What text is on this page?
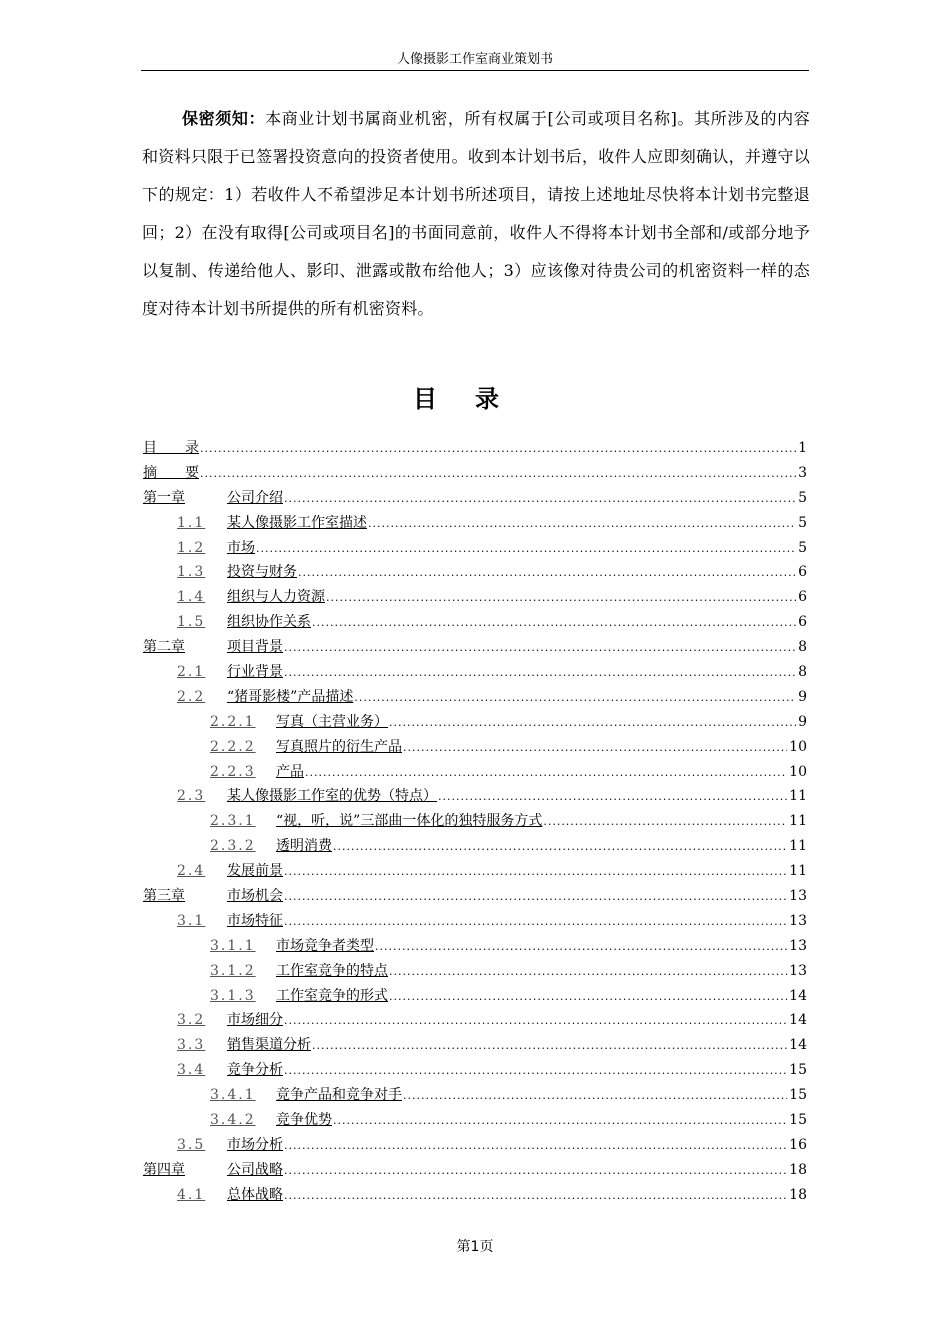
人像摄影工作室商业策划书
保密须知：本商业计划书属商业机密，所有权属于[公司或项目名称]。其所涉及的内容和资料只限于已签署投资意向的投资者使用。收到本计划书后，收件人应即刻确认，并遵守以下的规定：1）若收件人不希望涉足本计划书所述项目，请按上述地址尽快将本计划书完整退回；2）在没有取得[公司或项目名]的书面同意前，收件人不得将本计划书全部和/或部分地予以复制、传递给他人、影印、泄露或散布给他人；3）应该像对待贵公司的机密资料一样的态度对待本计划书所提供的所有机密资料。
目录
目　　录 .....	1
摘　　要 .....	3
第一章	公司介绍 .....	5
1.1	某人像摄影工作室描述 .....	5
1.2	市场 .....	5
1.3	投资与财务 .....	6
1.4	组织与人力资源 .....	6
1.5	组织协作关系 .....	6
第二章	项目背景 .....	8
2.1	行业背景 .....	8
2.2	“猪哥影楼”产品描述 .....	9
2.2.1	写真（主营业务） .....	9
2.2.2	写真照片的衍生产品 .....	10
2.2.3	产品 .....	10
2.3	某人像摄影工作室的优势（特点） .....	11
2.3.1	“视，听，说”三部曲一体化的独特服务方式 .....	11
2.3.2	透明消费 .....	11
2.4	发展前景 .....	11
第三章	市场机会 .....	13
3.1	市场特征 .....	13
3.1.1	市场竞争者类型 .....	13
3.1.2	工作室竞争的特点 .....	13
3.1.3	工作室竞争的形式 .....	14
3.2	市场细分 .....	14
3.3	销售渠道分析 .....	14
3.4	竞争分析 .....	15
3.4.1	竞争产品和竞争对手 .....	15
3.4.2	竞争优势 .....	15
3.5	市场分析 .....	16
第四章	公司战略 .....	18
4.1	总体战略 .....	18
第1页
